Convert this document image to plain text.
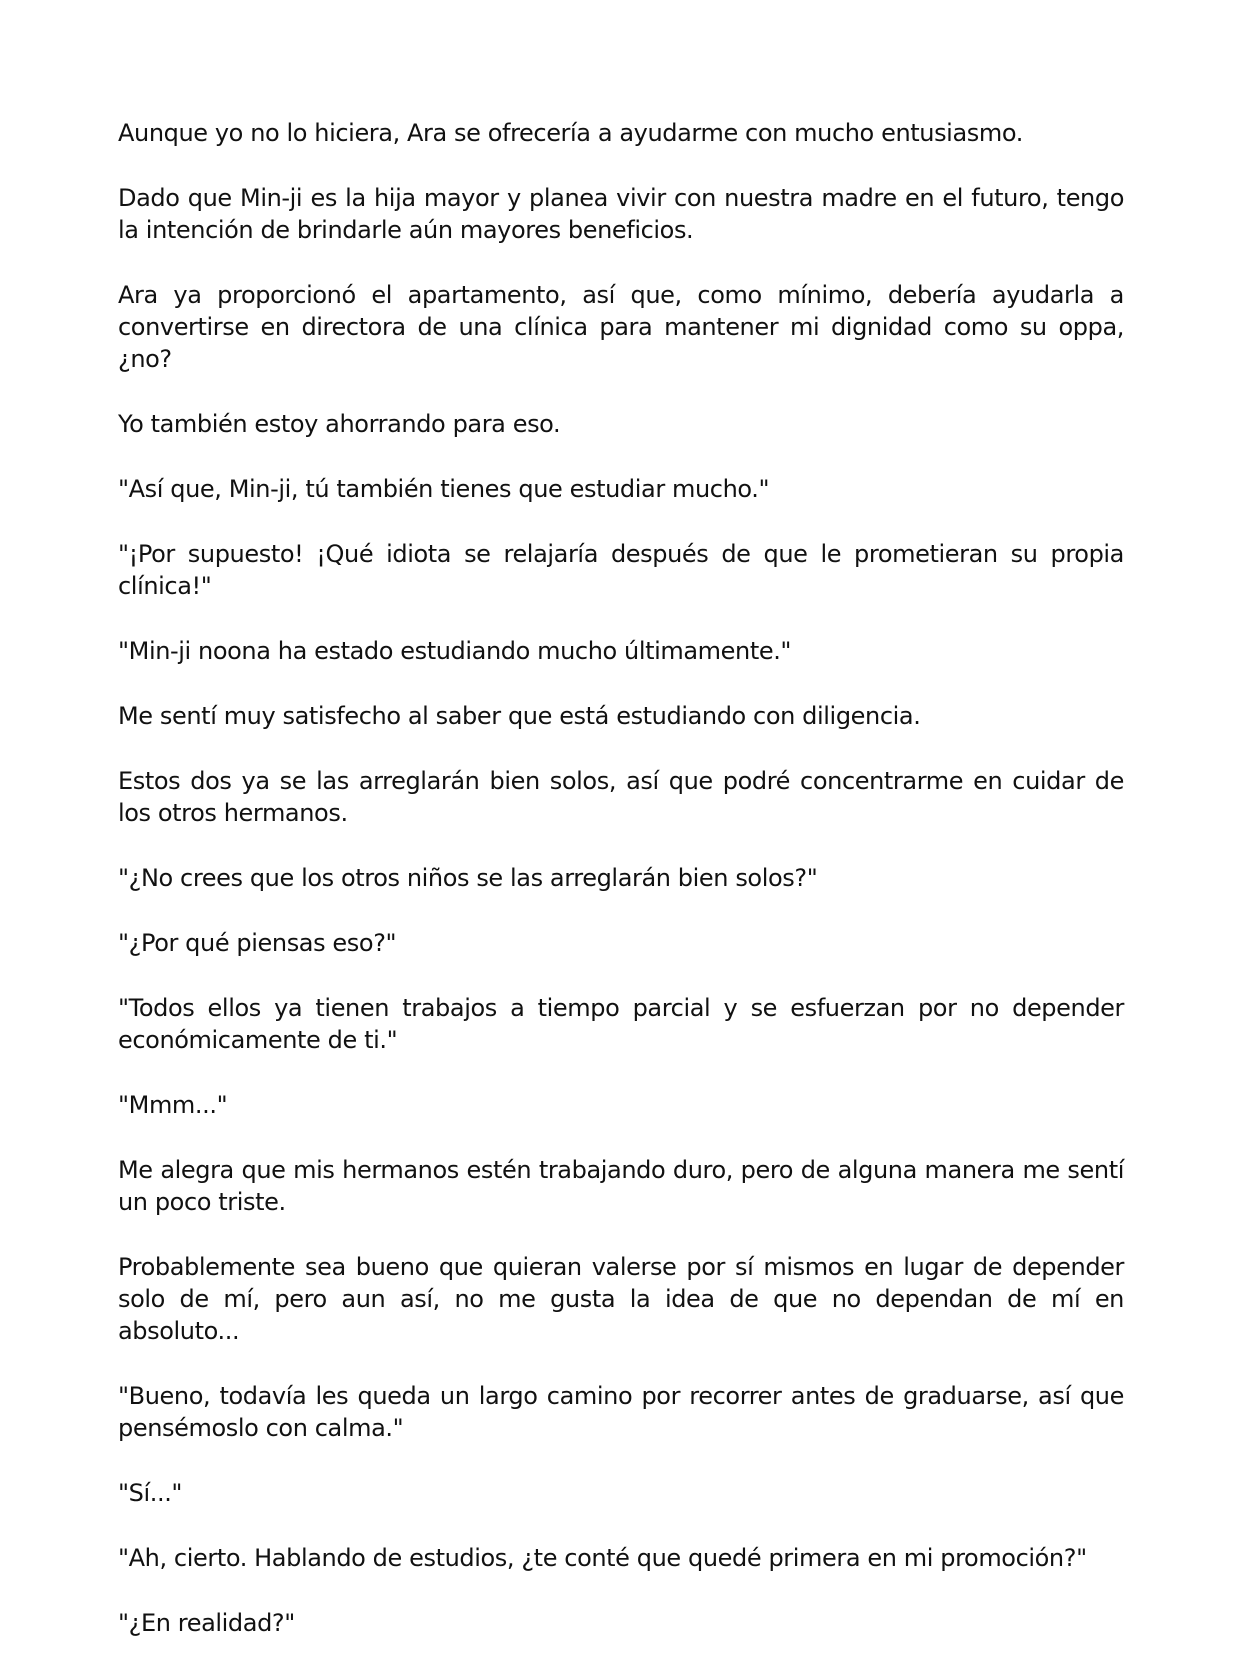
Aunque yo no lo hiciera, Ara se ofrecería a ayudarme con mucho entusiasmo.

Dado que Min-ji es la hija mayor y planea vivir con nuestra madre en el futuro, tengo la intención de brindarle aún mayores beneficios.

Ara ya proporcionó el apartamento, así que, como mínimo, debería ayudarla a convertirse en directora de una clínica para mantener mi dignidad como su oppa, ¿no?

Yo también estoy ahorrando para eso.

"Así que, Min-ji, tú también tienes que estudiar mucho."

"¡Por supuesto! ¡Qué idiota se relajaría después de que le prometieran su propia clínica!"

"Min-ji noona ha estado estudiando mucho últimamente."

Me sentí muy satisfecho al saber que está estudiando con diligencia.

Estos dos ya se las arreglarán bien solos, así que podré concentrarme en cuidar de los otros hermanos.

"¿No crees que los otros niños se las arreglarán bien solos?"

"¿Por qué piensas eso?"

"Todos ellos ya tienen trabajos a tiempo parcial y se esfuerzan por no depender económicamente de ti."

"Mmm..."

Me alegra que mis hermanos estén trabajando duro, pero de alguna manera me sentí un poco triste.

Probablemente sea bueno que quieran valerse por sí mismos en lugar de depender solo de mí, pero aun así, no me gusta la idea de que no dependan de mí en absoluto...

"Bueno, todavía les queda un largo camino por recorrer antes de graduarse, así que pensémoslo con calma."

"Sí..."

"Ah, cierto. Hablando de estudios, ¿te conté que quedé primera en mi promoción?"

"¿En realidad?"
